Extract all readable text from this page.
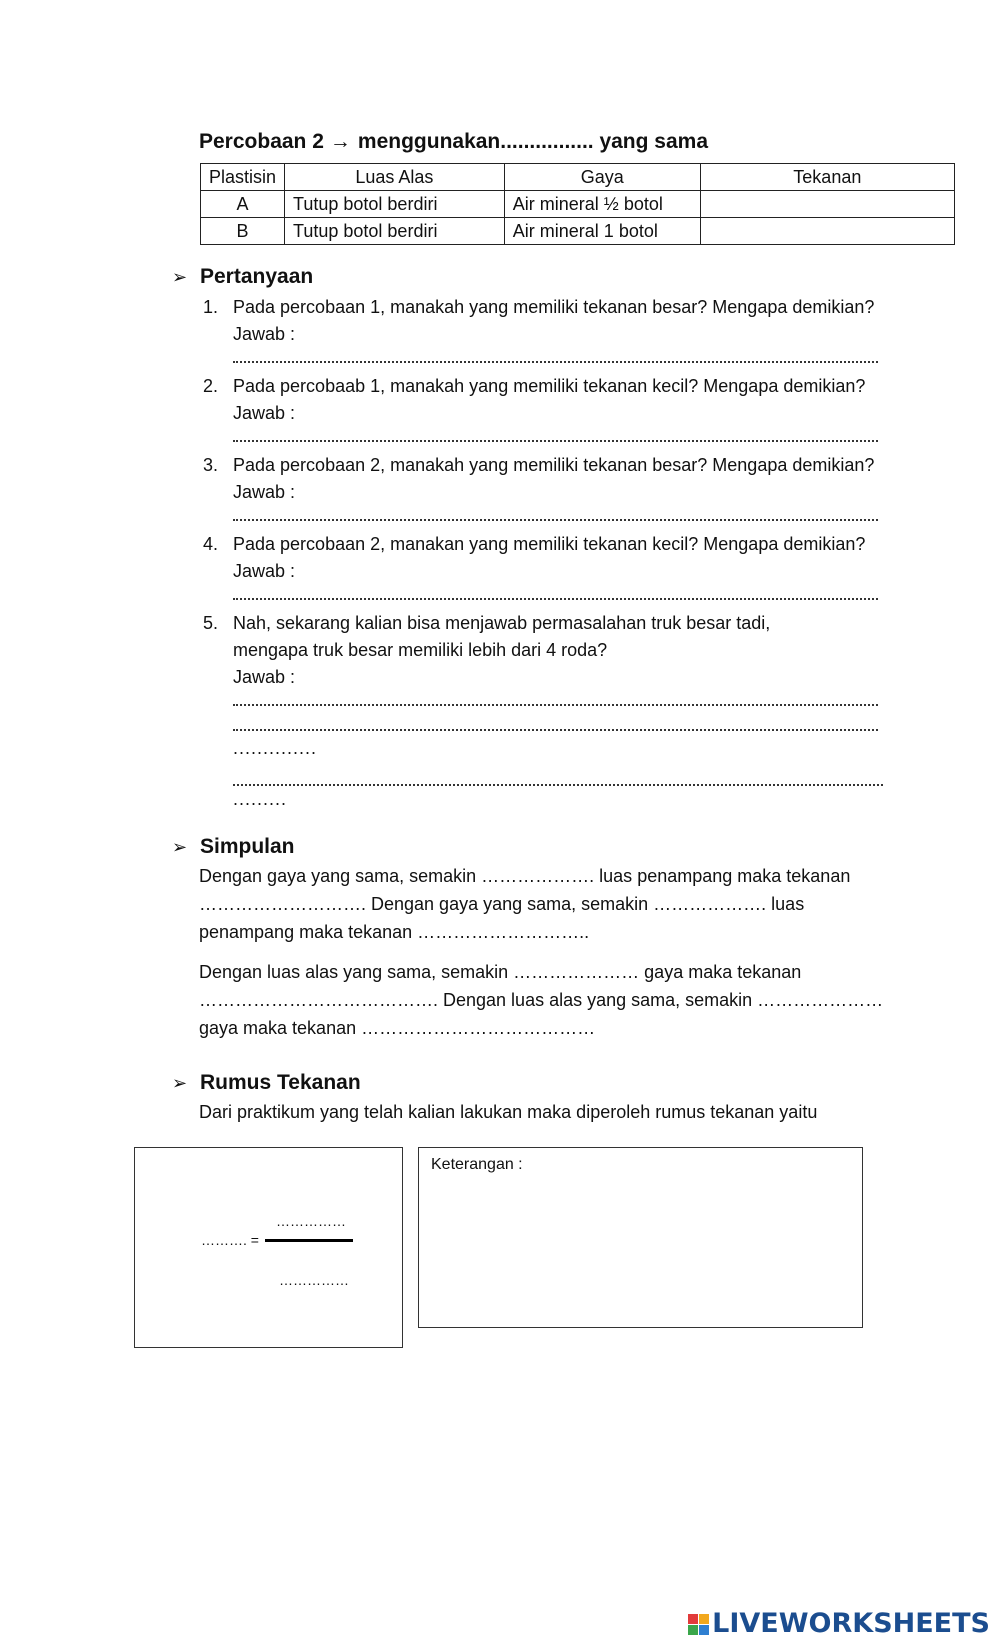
Percobaan 2 → menggunakan................ yang sama
Plastisin	Luas Alas	Gaya	Tekanan
A	Tutup botol berdiri	Air mineral ½ botol	
B	Tutup botol berdiri	Air mineral 1 botol	
➢ Pertanyaan
1. Pada percobaan 1, manakah yang memiliki tekanan besar? Mengapa demikian?
Jawab :
2. Pada percobaab 1, manakah yang memiliki tekanan kecil? Mengapa demikian?
Jawab :
3. Pada percobaan 2, manakah yang memiliki tekanan besar? Mengapa demikian?
Jawab :
4. Pada percobaan 2, manakan yang memiliki tekanan kecil? Mengapa demikian?
Jawab :
5. Nah, sekarang kalian bisa menjawab permasalahan truk besar tadi,
mengapa truk besar memiliki lebih dari 4 roda?
Jawab :
..............
.........
➢ Simpulan
Dengan gaya yang sama, semakin ………………. luas penampang maka tekanan
………………………. Dengan gaya yang sama, semakin ………………. luas
penampang maka tekanan ………………………..
Dengan luas alas yang sama, semakin ………………… gaya maka tekanan
…………………………………. Dengan luas alas yang sama, semakin …………………
gaya maka tekanan …………………………………
➢ Rumus Tekanan
Dari praktikum yang telah kalian lakukan maka diperoleh rumus tekanan yaitu
……………
………. =
……………
Keterangan :
LIVEWORKSHEETS
